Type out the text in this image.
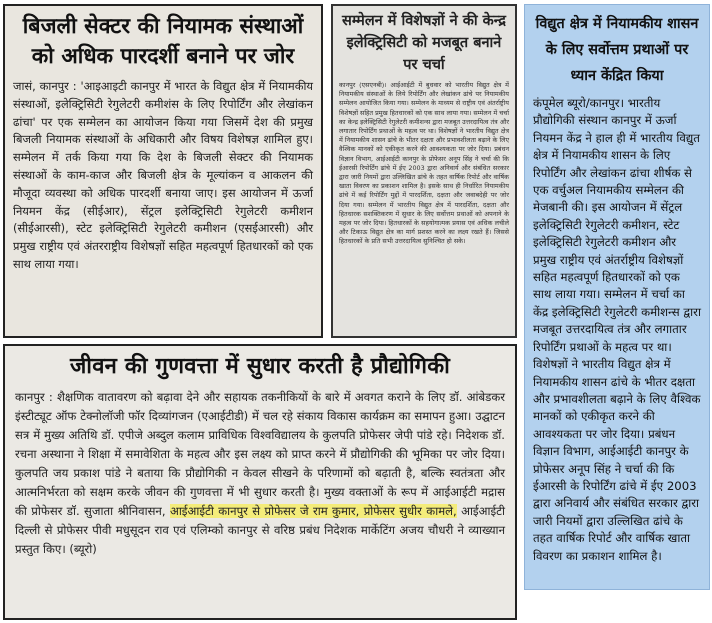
बिजली सेक्टर की नियामक संस्थाओं को अधिक पारदर्शी बनाने पर जोर
जासं, कानपुर : 'आइआइटी कानपुर में भारत के विद्युत क्षेत्र में नियामकीय संस्थाओं, इलेक्ट्रिसिटी रेगुलेटरी कमीशंस के लिए रिपोर्टिंग और लेखांकन ढांचा' पर एक सम्मेलन का आयोजन किया गया जिसमें देश की प्रमुख बिजली नियामक संस्थाओं के अधिकारी और विषय विशेषज्ञ शामिल हुए। सम्मेलन में तर्क किया गया कि देश के बिजली सेक्टर की नियामक संस्थाओं के काम-काज और बिजली क्षेत्र के मूल्यांकन व आकलन की मौजूदा व्यवस्था को अधिक पारदर्शी बनाया जाए। इस आयोजन में ऊर्जा नियमन केंद्र (सीईआर), सेंट्रल इलेक्ट्रिसिटी रेगुलेटरी कमीशन (सीईआरसी), स्टेट इलेक्ट्रिसिटी रेगुलेटरी कमीशन (एसईआरसी) और प्रमुख राष्ट्रीय एवं अंतरराष्ट्रीय विशेषज्ञों सहित महत्वपूर्ण हितधारकों को एक साथ लाया गया।
सम्मेलन में विशेषज्ञों ने की केन्द्र इलेक्ट्रिसिटी को मजबूत बनाने पर चर्चा
कानपुर (एसएनबी)। आईआईटी में बुधवार को भारतीय विद्युत क्षेत्र में नियामकीय संस्थाओं के लिये रिपोर्टिंग और लेखांकन ढांचे पर नियामकीय सम्मेलन आयोजित किया गया। सम्मेलन के माध्यम से राष्ट्रीय एवं अंतर्राष्ट्रीय विशेषज्ञों सहित प्रमुख हितधारकों को एक साथ लाया गया। सम्मेलन में चर्चा का केन्द्र इलेक्ट्रिसिटी रेगुलेटरी कमीशन्स द्वारा मजबूत उत्तरदायित्व तंत्र और लगातार रिपोर्टिंग प्रथाओं के महत्व पर था। विशेषज्ञों ने भारतीय विद्युत क्षेत्र में नियामकीय शासन ढांचे के भीतर दक्षता और प्रभावशीलता बढ़ाने के लिए वैश्विक मानकों को एकीकृत करने की आवश्यकता पर जोर दिया। प्रबंधन विज्ञान विभाग, आईआईटी कानपुर के प्रोफेसर अनूप सिंह ने चर्चा की कि ईआरसी रिपोर्टिंग ढांचे में ईए 2003 द्वारा अनिवार्य और संबंधित सरकार द्वारा जारी नियमों द्वारा उल्लिखित ढांचे के तहत वार्षिक रिपोर्ट और वार्षिक खाता विवरण का प्रकाशन शामिल है। इसके साथ ही निर्धारित नियामकीय ढांचे में कई रिपोर्टिंग मुद्दों में पारदर्शिता, दक्षता और जवाबदेही पर जोर दिया गया। सम्मेलन में भारतीय विद्युत क्षेत्र में पारदर्शिता, दक्षता और हितधारक सशक्तिकरण में सुधार के लिए सर्वोत्तम प्रथाओं को अपनाने के महत्व पर जोर दिया। हितधारकों के सहयोगात्मक प्रयास एवं अधिक लचीले और टिकाऊ विद्युत क्षेत्र का मार्ग प्रशस्त करने का लक्ष्य रखते हैं। जिससे हितधारकों के प्रति सभी उत्तरदायित्व सुनिश्चित हो सके।
जीवन की गुणवत्ता में सुधार करती है प्रौद्योगिकी
कानपुर : शैक्षणिक वातावरण को बढ़ावा देने और सहायक तकनीकियों के बारे में अवगत कराने के लिए डॉ. आंबेडकर इंस्टीट्यूट ऑफ टेक्नोलॉजी फॉर दिव्यांगजन (एआईटीडी) में चल रहे संकाय विकास कार्यक्रम का समापन हुआ। उद्घाटन सत्र में मुख्य अतिथि डॉ. एपीजे अब्दुल कलाम प्राविधिक विश्वविद्यालय के कुलपति प्रोफेसर जेपी पांडे रहे। निदेशक डॉ. रचना अस्थाना ने शिक्षा में समावेशिता के महत्व और इस लक्ष्य को प्राप्त करने में प्रौद्योगिकी की भूमिका पर जोर दिया। कुलपति जय प्रकाश पांडे ने बताया कि प्रौद्योगिकी न केवल सीखने के परिणामों को बढ़ाती है, बल्कि स्वतंत्रता और आत्मनिर्भरता को सक्षम करके जीवन की गुणवत्ता में भी सुधार करती है। मुख्य वक्ताओं के रूप में आईआईटी मद्रास की प्रोफेसर डॉ. सुजाता श्रीनिवासन, आईआईटी कानपुर से प्रोफेसर जे राम कुमार, प्रोफेसर सुधीर कामले, आईआईटी दिल्ली से प्रोफेसर पीवी मधुसूदन राव एवं एलिम्को कानपुर से वरिष्ठ प्रबंध निदेशक मार्केटिंग अजय चौधरी ने व्याख्यान प्रस्तुत किए। (ब्यूरो)
विद्युत क्षेत्र में नियामकीय शासन के लिए सर्वोत्तम प्रथाओं पर ध्यान केंद्रित किया
कंपूमेल ब्यूरो/कानपुर। भारतीय प्रौद्योगिकी संस्थान कानपुर में ऊर्जा नियमन केंद्र ने हाल ही में भारतीय विद्युत क्षेत्र में नियामकीय शासन के लिए रिपोर्टिंग और लेखांकन ढांचा शीर्षक से एक वर्चुअल नियामकीय सम्मेलन की मेजबानी की। इस आयोजन में सेंट्रल इलेक्ट्रिसिटी रेगुलेटरी कमीशन, स्टेट इलेक्ट्रिसिटी रेगुलेटरी कमीशन और प्रमुख राष्ट्रीय एवं अंतर्राष्ट्रीय विशेषज्ञों सहित महत्वपूर्ण हितधारकों को एक साथ लाया गया। सम्मेलन में चर्चा का केंद्र इलेक्ट्रिसिटी रेगुलेटरी कमीशन्स द्वारा मजबूत उत्तरदायित्व तंत्र और लगातार रिपोर्टिंग प्रथाओं के महत्व पर था। विशेषज्ञों ने भारतीय विद्युत क्षेत्र में नियामकीय शासन ढांचे के भीतर दक्षता और प्रभावशीलता बढ़ाने के लिए वैश्विक मानकों को एकीकृत करने की आवश्यकता पर जोर दिया। प्रबंधन विज्ञान विभाग, आईआईटी कानपुर के प्रोफेसर अनूप सिंह ने चर्चा की कि ईआरसी के रिपोर्टिंग ढांचे में ईए 2003 द्वारा अनिवार्य और संबंधित सरकार द्वारा जारी नियमों द्वारा उल्लिखित ढांचे के तहत वार्षिक रिपोर्ट और वार्षिक खाता विवरण का प्रकाशन शामिल है।
